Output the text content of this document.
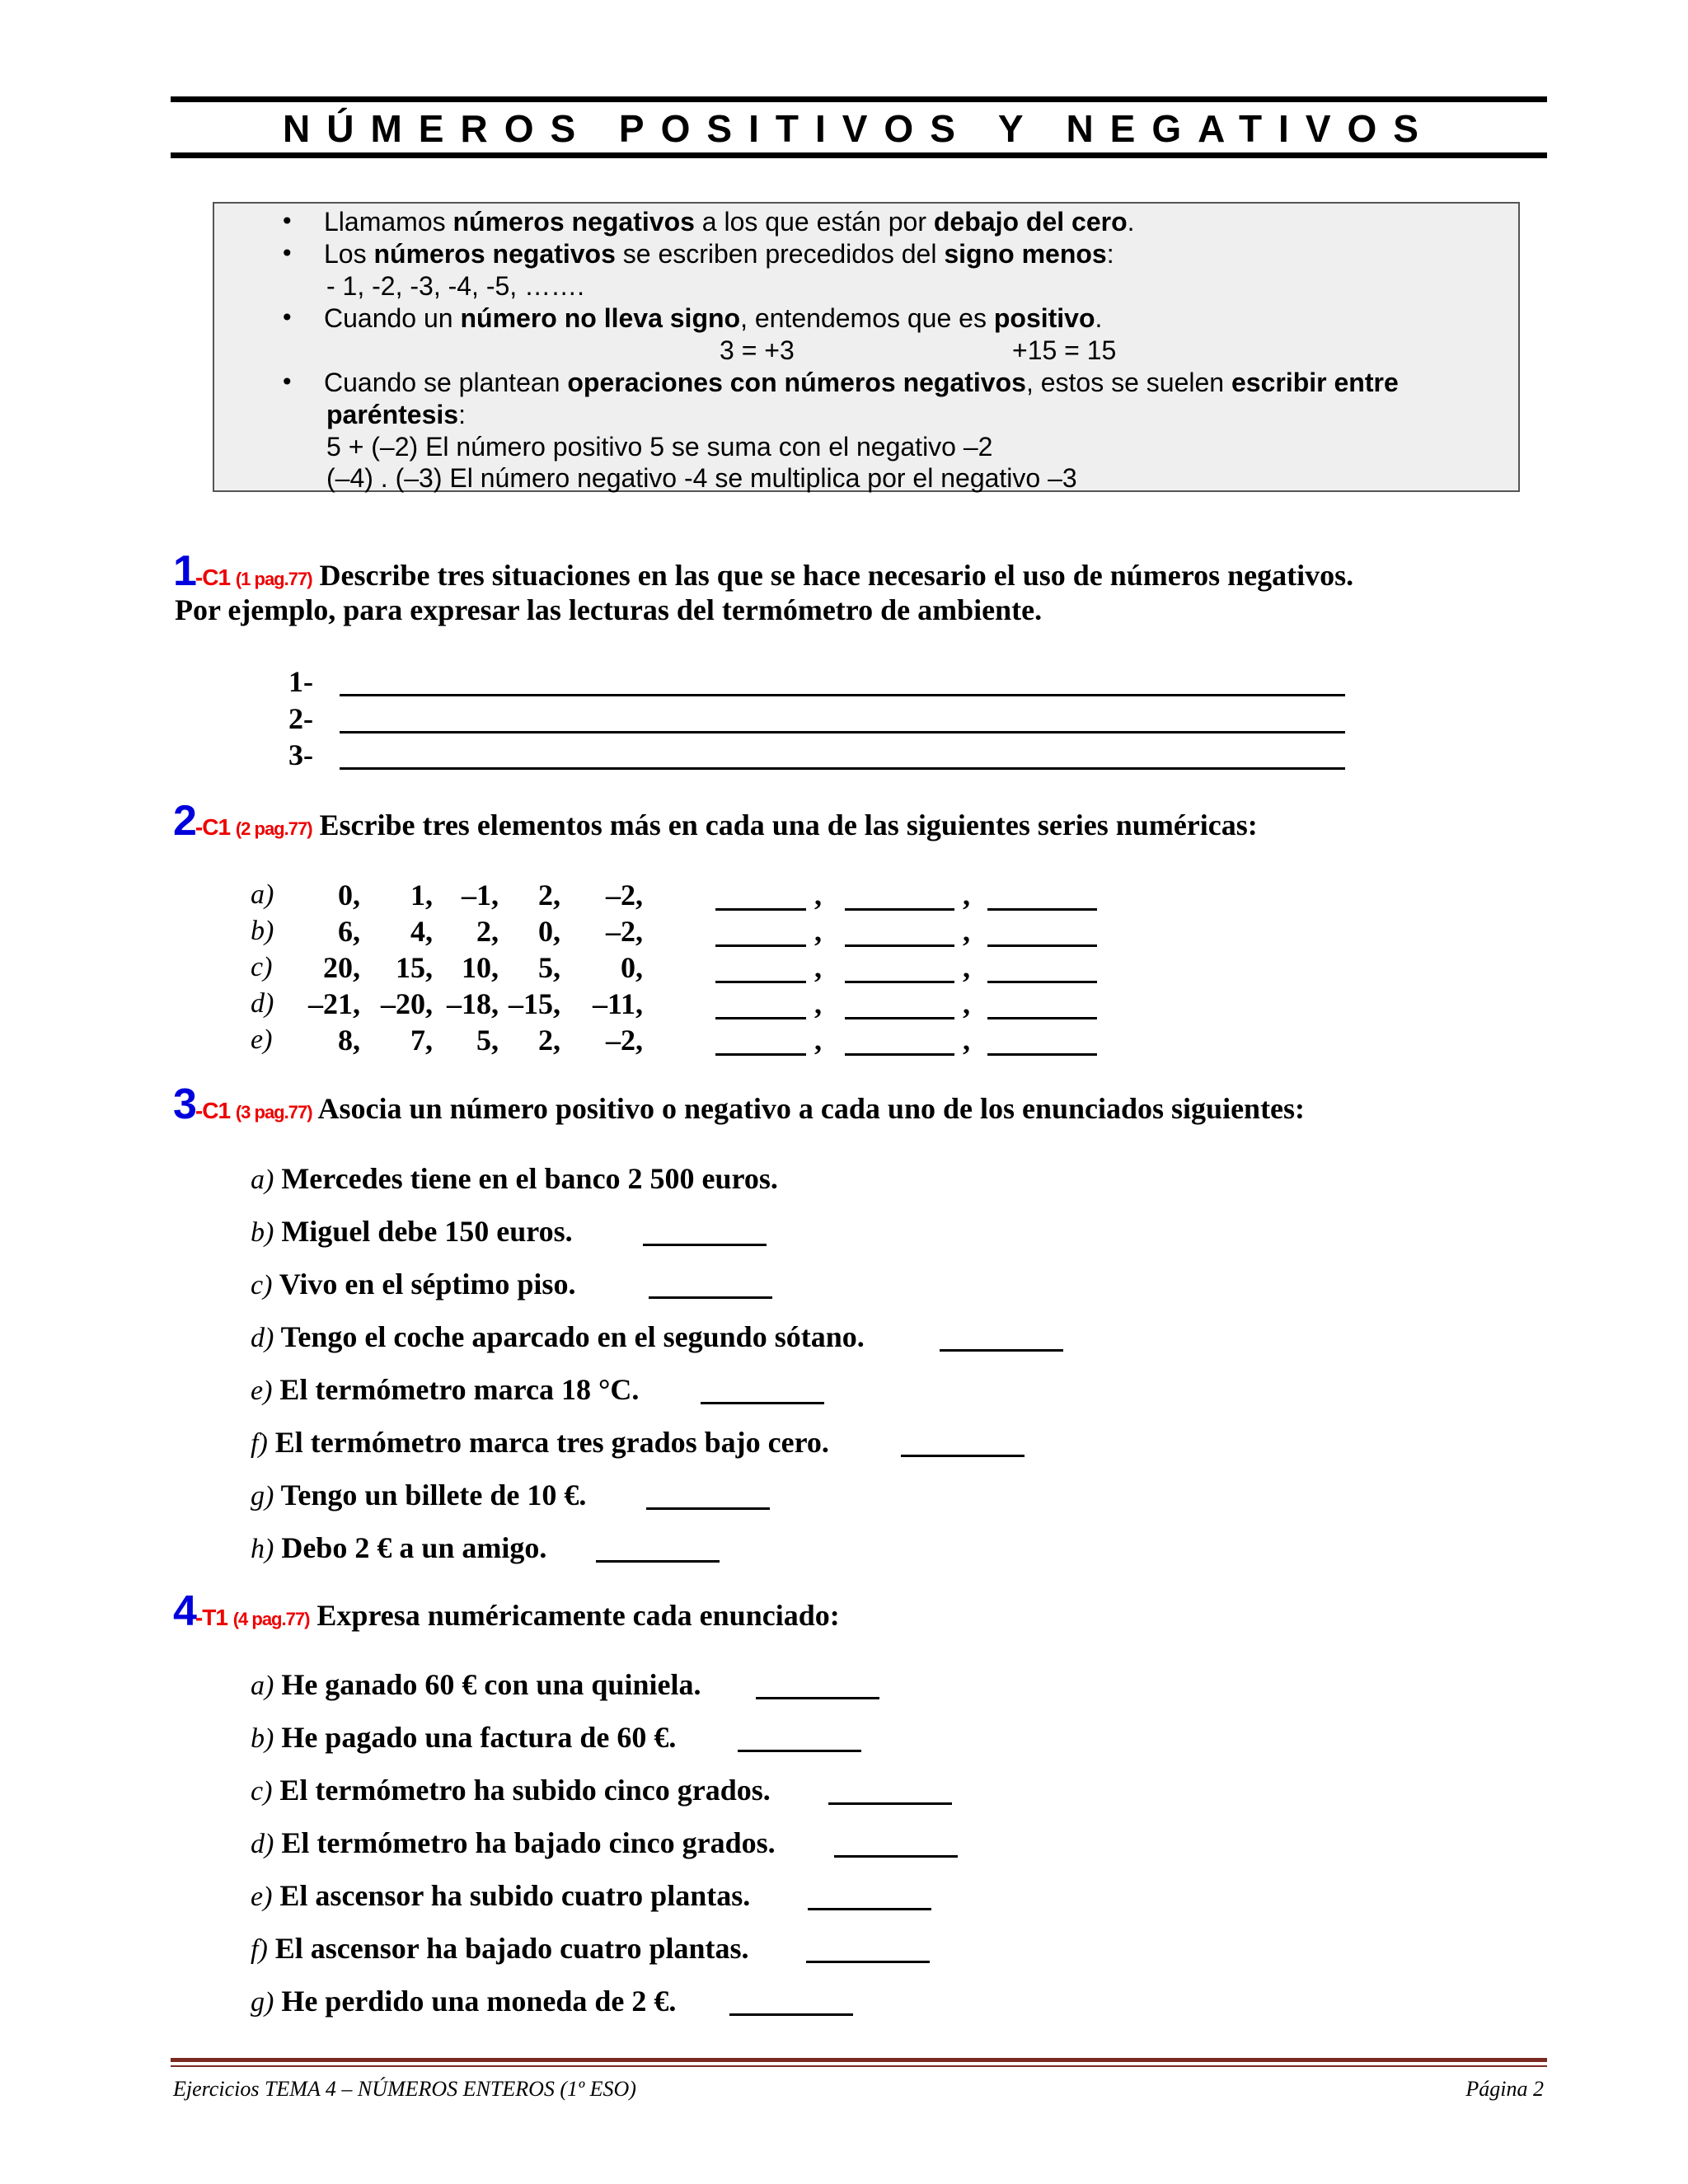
NÚMEROS POSITIVOS Y NEGATIVOS
• Llamamos números negativos a los que están por debajo del cero.
• Los números negativos se escriben precedidos del signo menos:
- 1, -2, -3, -4, -5, …….
• Cuando un número no lleva signo, entendemos que es positivo.
3 = +3	+15 = 15
• Cuando se plantean operaciones con números negativos, estos se suelen escribir entre
paréntesis:
5 + (–2) El número positivo 5 se suma con el negativo –2
(–4) . (–3) El número negativo -4 se multiplica por el negativo –3
1-C1 (1 pag.77) Describe tres situaciones en las que se hace necesario el uso de números negativos.
Por ejemplo, para expresar las lecturas del termómetro de ambiente.
1-
2-
3-
2-C1 (2 pag.77) Escribe tres elementos más en cada una de las siguientes series numéricas:
a)	0,	1, –1,	2,	–2,	,	,
b)	6,	4,	2,	0,	–2,	,	,
c)	20,	15, 10,	5,	0,	,	,
d)	–21, –20, –18, –15,	–11,	,	,
e)	8,	7,	5,	2,	–2,	,	,
3-C1 (3 pag.77) Asocia un número positivo o negativo a cada uno de los enunciados siguientes:
a) Mercedes tiene en el banco 2 500 euros.
b) Miguel debe 150 euros.
c) Vivo en el séptimo piso.
d) Tengo el coche aparcado en el segundo sótano.
e) El termómetro marca 18 °C.
f) El termómetro marca tres grados bajo cero.
g) Tengo un billete de 10 €.
h) Debo 2 € a un amigo.
4-T1 (4 pag.77) Expresa numéricamente cada enunciado:
a) He ganado 60 € con una quiniela.
b) He pagado una factura de 60 €.
c) El termómetro ha subido cinco grados.
d) El termómetro ha bajado cinco grados.
e) El ascensor ha subido cuatro plantas.
f) El ascensor ha bajado cuatro plantas.
g) He perdido una moneda de 2 €.
Ejercicios TEMA 4 – NÚMEROS ENTEROS (1º ESO)	Página 2
